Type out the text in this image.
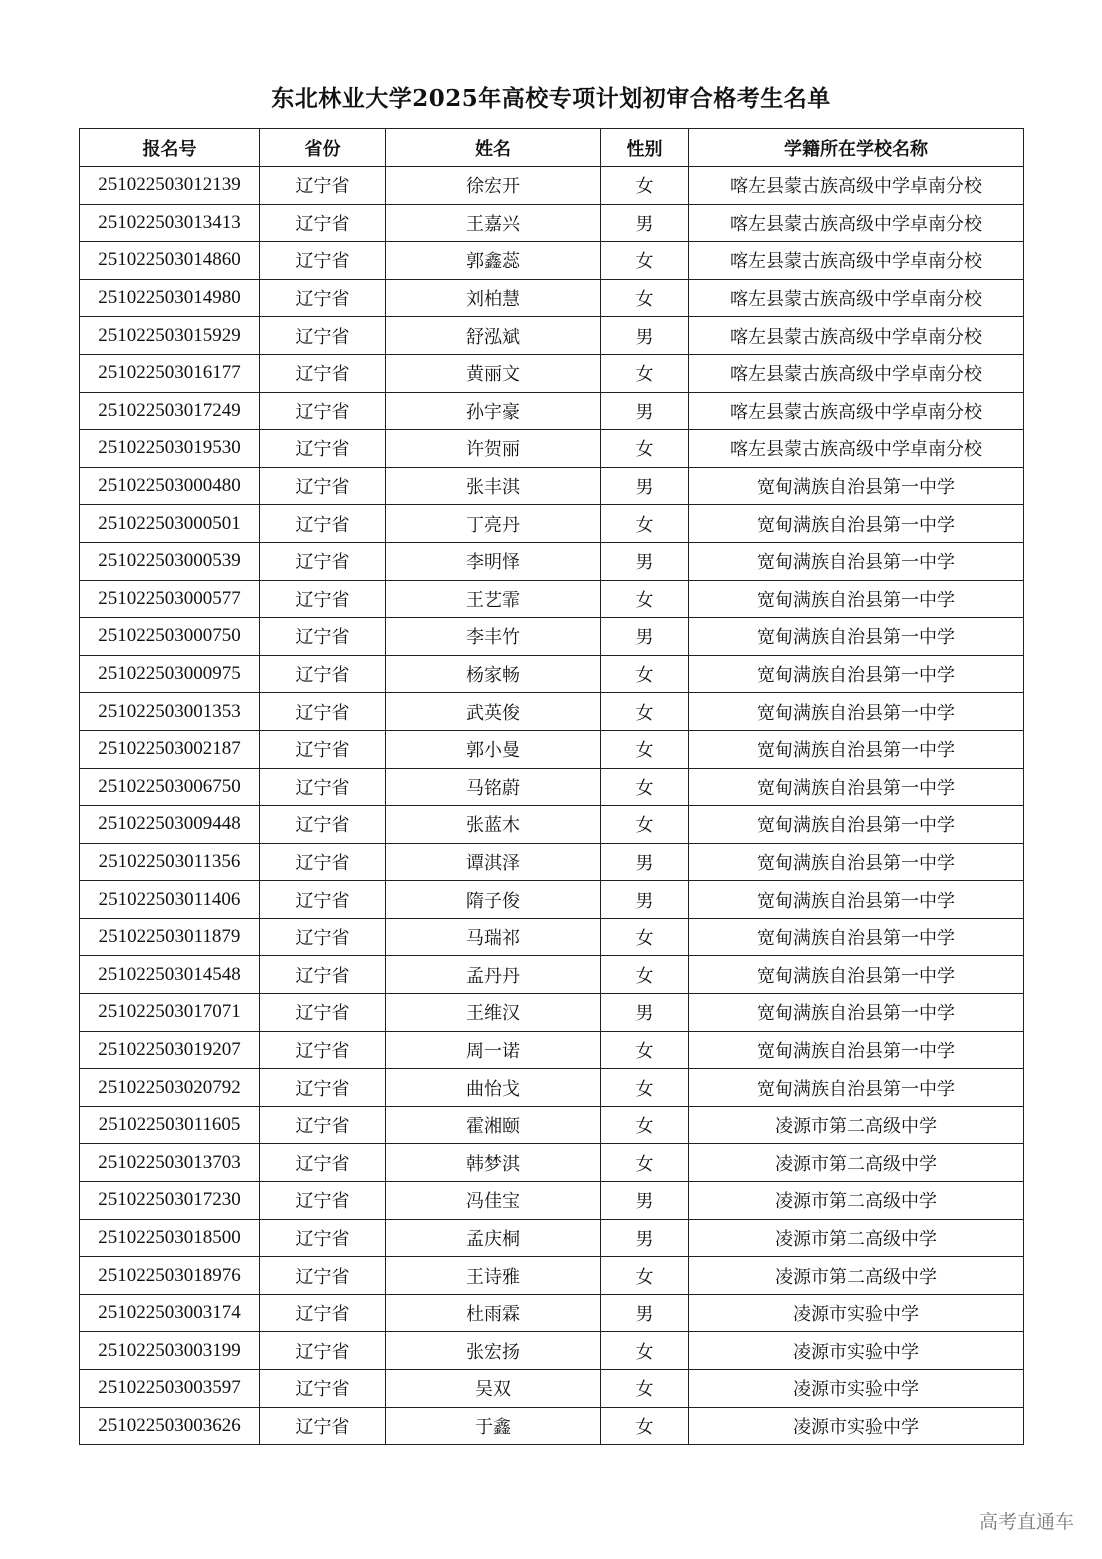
东北林业大学2025年高校专项计划初审合格考生名单
报名号	省份	姓名	性别	学籍所在学校名称
251022503012139	辽宁省	徐宏开	女	喀左县蒙古族高级中学卓南分校
251022503013413	辽宁省	王嘉兴	男	喀左县蒙古族高级中学卓南分校
251022503014860	辽宁省	郭鑫蕊	女	喀左县蒙古族高级中学卓南分校
251022503014980	辽宁省	刘柏慧	女	喀左县蒙古族高级中学卓南分校
251022503015929	辽宁省	舒泓斌	男	喀左县蒙古族高级中学卓南分校
251022503016177	辽宁省	黄丽文	女	喀左县蒙古族高级中学卓南分校
251022503017249	辽宁省	孙宇豪	男	喀左县蒙古族高级中学卓南分校
251022503019530	辽宁省	许贺丽	女	喀左县蒙古族高级中学卓南分校
251022503000480	辽宁省	张丰淇	男	宽甸满族自治县第一中学
251022503000501	辽宁省	丁亮丹	女	宽甸满族自治县第一中学
251022503000539	辽宁省	李明怿	男	宽甸满族自治县第一中学
251022503000577	辽宁省	王艺霏	女	宽甸满族自治县第一中学
251022503000750	辽宁省	李丰竹	男	宽甸满族自治县第一中学
251022503000975	辽宁省	杨家畅	女	宽甸满族自治县第一中学
251022503001353	辽宁省	武英俊	女	宽甸满族自治县第一中学
251022503002187	辽宁省	郭小曼	女	宽甸满族自治县第一中学
251022503006750	辽宁省	马铭蔚	女	宽甸满族自治县第一中学
251022503009448	辽宁省	张蓝木	女	宽甸满族自治县第一中学
251022503011356	辽宁省	谭淇泽	男	宽甸满族自治县第一中学
251022503011406	辽宁省	隋子俊	男	宽甸满族自治县第一中学
251022503011879	辽宁省	马瑞祁	女	宽甸满族自治县第一中学
251022503014548	辽宁省	孟丹丹	女	宽甸满族自治县第一中学
251022503017071	辽宁省	王维汉	男	宽甸满族自治县第一中学
251022503019207	辽宁省	周一诺	女	宽甸满族自治县第一中学
251022503020792	辽宁省	曲怡戈	女	宽甸满族自治县第一中学
251022503011605	辽宁省	霍湘颐	女	凌源市第二高级中学
251022503013703	辽宁省	韩梦淇	女	凌源市第二高级中学
251022503017230	辽宁省	冯佳宝	男	凌源市第二高级中学
251022503018500	辽宁省	孟庆桐	男	凌源市第二高级中学
251022503018976	辽宁省	王诗雅	女	凌源市第二高级中学
251022503003174	辽宁省	杜雨霖	男	凌源市实验中学
251022503003199	辽宁省	张宏扬	女	凌源市实验中学
251022503003597	辽宁省	吴双	女	凌源市实验中学
251022503003626	辽宁省	于鑫	女	凌源市实验中学
高考直通车
